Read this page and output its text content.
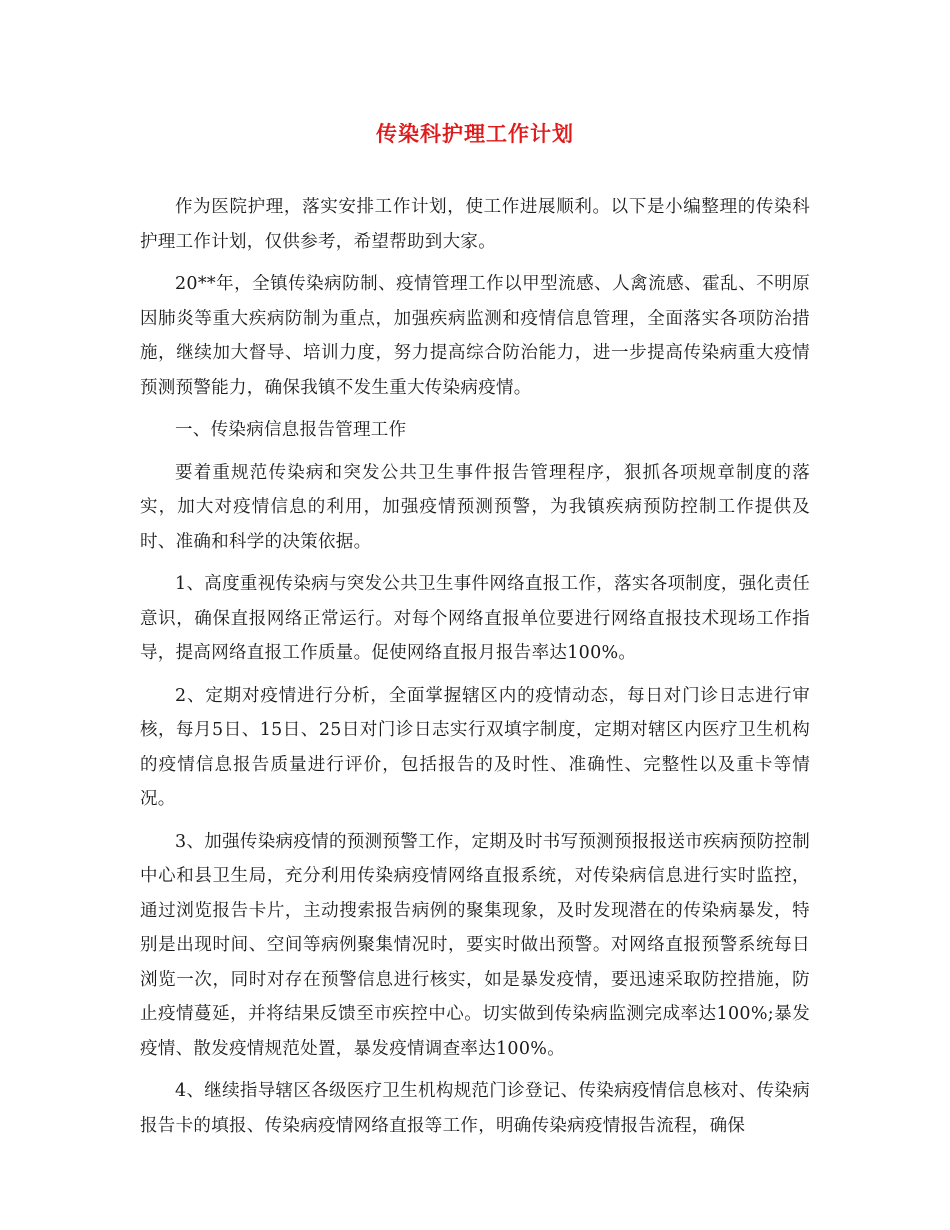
传染科护理工作计划

作为医院护理，落实安排工作计划，使工作进展顺利。以下是小编整理的传染科护理工作计划，仅供参考，希望帮助到大家。

20**年，全镇传染病防制、疫情管理工作以甲型流感、人禽流感、霍乱、不明原因肺炎等重大疾病防制为重点，加强疾病监测和疫情信息管理，全面落实各项防治措施，继续加大督导、培训力度，努力提高综合防治能力，进一步提高传染病重大疫情预测预警能力，确保我镇不发生重大传染病疫情。

一、传染病信息报告管理工作

要着重规范传染病和突发公共卫生事件报告管理程序，狠抓各项规章制度的落实，加大对疫情信息的利用，加强疫情预测预警，为我镇疾病预防控制工作提供及时、准确和科学的决策依据。

1、高度重视传染病与突发公共卫生事件网络直报工作，落实各项制度，强化责任意识，确保直报网络正常运行。对每个网络直报单位要进行网络直报技术现场工作指导，提高网络直报工作质量。促使网络直报月报告率达100%。

2、定期对疫情进行分析，全面掌握辖区内的疫情动态，每日对门诊日志进行审核，每月5日、15日、25日对门诊日志实行双填字制度，定期对辖区内医疗卫生机构的疫情信息报告质量进行评价，包括报告的及时性、准确性、完整性以及重卡等情况。

3、加强传染病疫情的预测预警工作，定期及时书写预测预报报送市疾病预防控制中心和县卫生局，充分利用传染病疫情网络直报系统，对传染病信息进行实时监控，通过浏览报告卡片，主动搜索报告病例的聚集现象，及时发现潜在的传染病暴发，特别是出现时间、空间等病例聚集情况时，要实时做出预警。对网络直报预警系统每日浏览一次，同时对存在预警信息进行核实，如是暴发疫情，要迅速采取防控措施，防止疫情蔓延，并将结果反馈至市疾控中心。切实做到传染病监测完成率达100%;暴发疫情、散发疫情规范处置，暴发疫情调查率达100%。

4、继续指导辖区各级医疗卫生机构规范门诊登记、传染病疫情信息核对、传染病报告卡的填报、传染病疫情网络直报等工作，明确传染病疫情报告流程，确保
